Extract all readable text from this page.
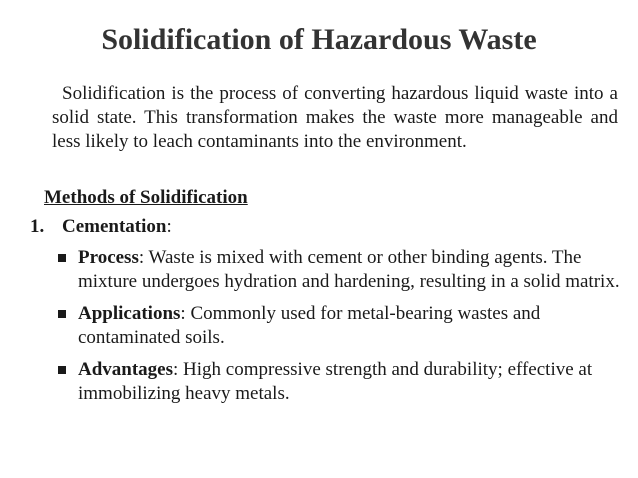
Solidification of Hazardous Waste

Solidification is the process of converting hazardous liquid waste into a solid state. This transformation makes the waste more manageable and less likely to leach contaminants into the environment.

Methods of Solidification

1. Cementation:

Process: Waste is mixed with cement or other binding agents. The mixture undergoes hydration and hardening, resulting in a solid matrix.
Applications: Commonly used for metal-bearing wastes and contaminated soils.
Advantages: High compressive strength and durability; effective at immobilizing heavy metals.
